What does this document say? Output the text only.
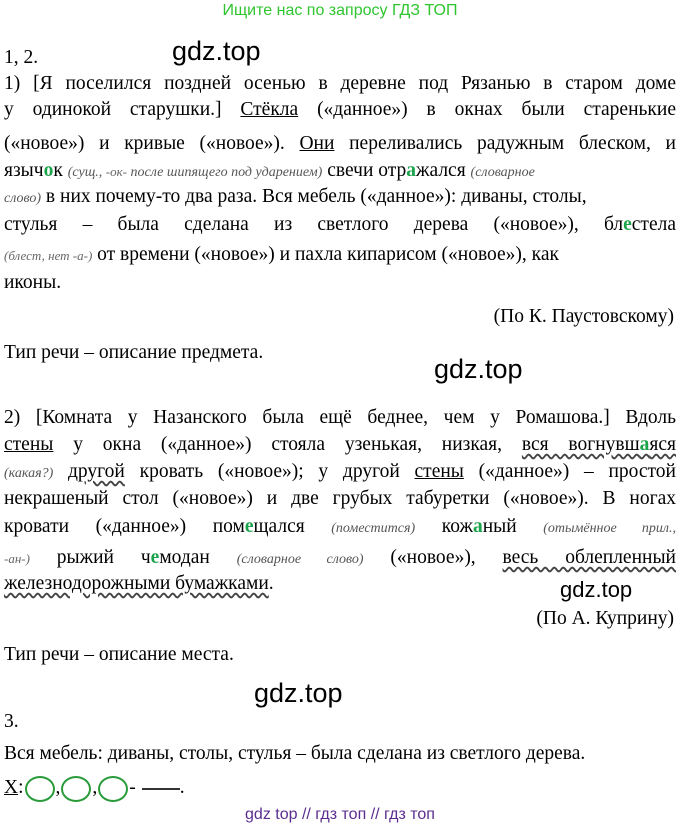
Ищите нас по запросу ГДЗ ТОП
gdz.top
gdz.top
gdz.top
gdz.top
1, 2.
1) [Я поселился поздней осенью в деревне под Рязанью в старом доме
у одинокой старушки.] Стёкла («данное») в окнах были старенькие
(«новое») и кривые («новое»). Они переливались радужным блеском, и
язычок (сущ., -ок- после шипящего под ударением) свечи отражался (словарное
слово) в них почему-то два раза. Вся мебель («данное»): диваны, столы,
стулья – была сделана из светлого дерева («новое»), блестела
(блест, нет -а-) от времени («новое») и пахла кипарисом («новое»), как
иконы.
(По К. Паустовскому)
Тип речи – описание предмета.
2) [Комната у Назанского была ещё беднее, чем у Ромашова.] Вдоль
стены у окна («данное») стояла узенькая, низкая, вся вогнувшаяся
(какая?) другой кровать («новое»); у другой стены («данное») – простой
некрашеный стол («новое») и две грубых табуретки («новое»). В ногах
кровати («данное») помещался (поместится) кожаный (отымённое прил.,
-ан-) рыжий чемодан (словарное слово) («новое»), весь облепленный
железнодорожными бумажками.
(По А. Куприну)
Тип речи – описание места.
3.
Вся мебель: диваны, столы, стулья – была сделана из светлого дерева.
Х: , , - .
gdz top // гдз топ // гдз топ
